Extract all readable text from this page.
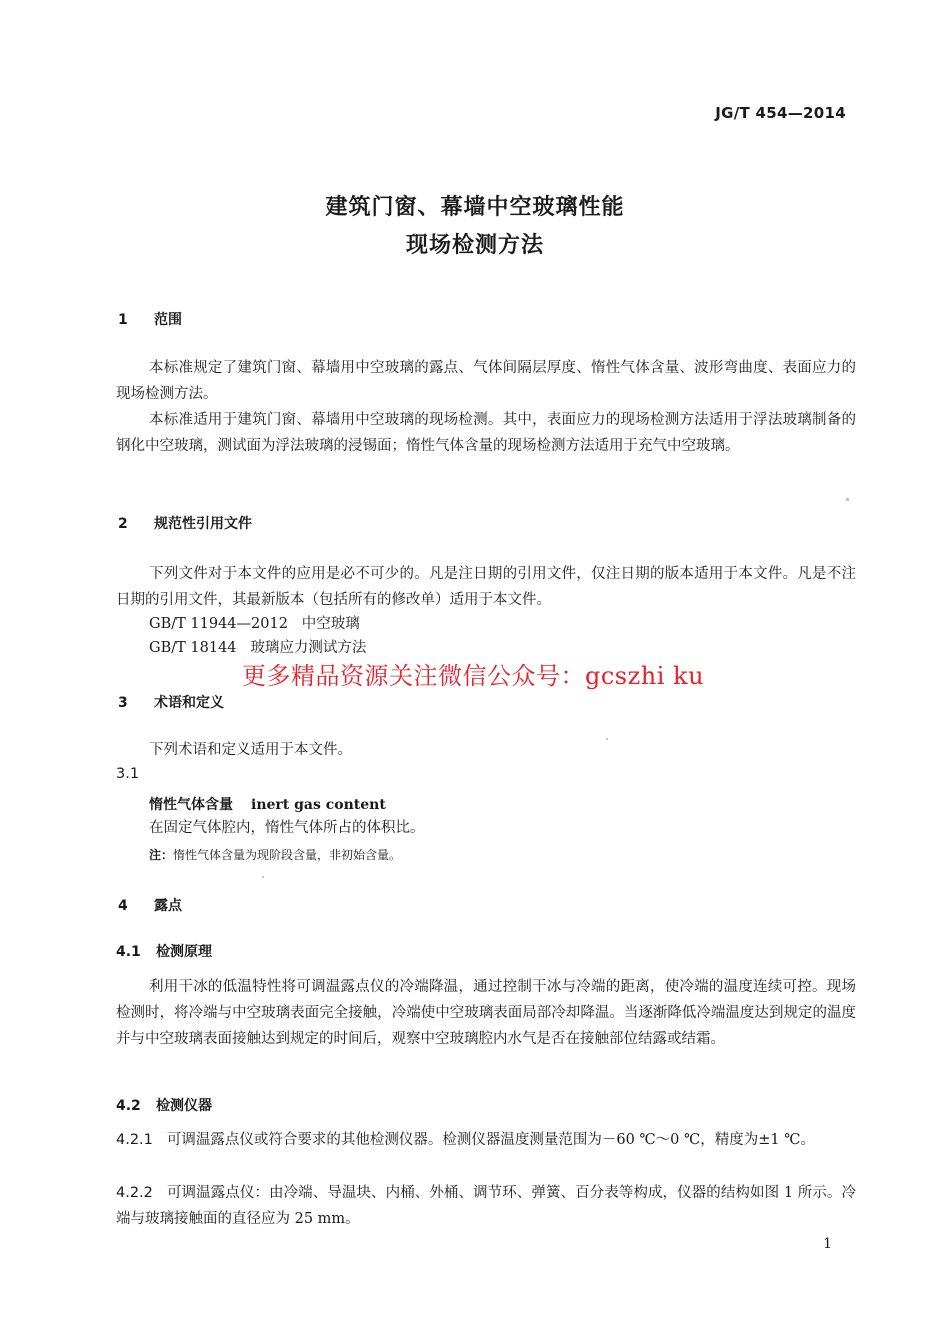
JG/T 454—2014
建筑门窗、幕墙中空玻璃性能
现场检测方法
1 范围

本标准规定了建筑门窗、幕墙用中空玻璃的露点、气体间隔层厚度、惰性气体含量、波形弯曲度、表面应力的现场检测方法。

本标准适用于建筑门窗、幕墙用中空玻璃的现场检测。其中，表面应力的现场检测方法适用于浮法玻璃制备的钢化中空玻璃，测试面为浮法玻璃的浸锡面；惰性气体含量的现场检测方法适用于充气中空玻璃。

2 规范性引用文件

下列文件对于本文件的应用是必不可少的。凡是注日期的引用文件，仅注日期的版本适用于本文件。凡是不注日期的引用文件，其最新版本（包括所有的修改单）适用于本文件。

GB/T 11944—2012   中空玻璃
GB/T 18144   玻璃应力测试方法
更多精品资源关注微信公众号：gcszhi ku
3 术语和定义

下列术语和定义适用于本文件。

3.1
惰性气体含量 inert gas content
在固定气体腔内，惰性气体所占的体积比。
注：惰性气体含量为现阶段含量，非初始含量。
4 露点
4.1 检测原理

利用干冰的低温特性将可调温露点仪的冷端降温，通过控制干冰与冷端的距离，使冷端的温度连续可控。现场检测时，将冷端与中空玻璃表面完全接触，冷端使中空玻璃表面局部冷却降温。当逐渐降低冷端温度达到规定的温度并与中空玻璃表面接触达到规定的时间后，观察中空玻璃腔内水气是否在接触部位结露或结霜。

4.2 检测仪器

4.2.1 可调温露点仪或符合要求的其他检测仪器。检测仪器温度测量范围为－60 ℃～0 ℃，精度为±1 ℃。

4.2.2 可调温露点仪：由冷端、导温块、内桶、外桶、调节环、弹簧、百分表等构成，仪器的结构如图 1 所示。冷端与玻璃接触面的直径应为 25 mm。

1
